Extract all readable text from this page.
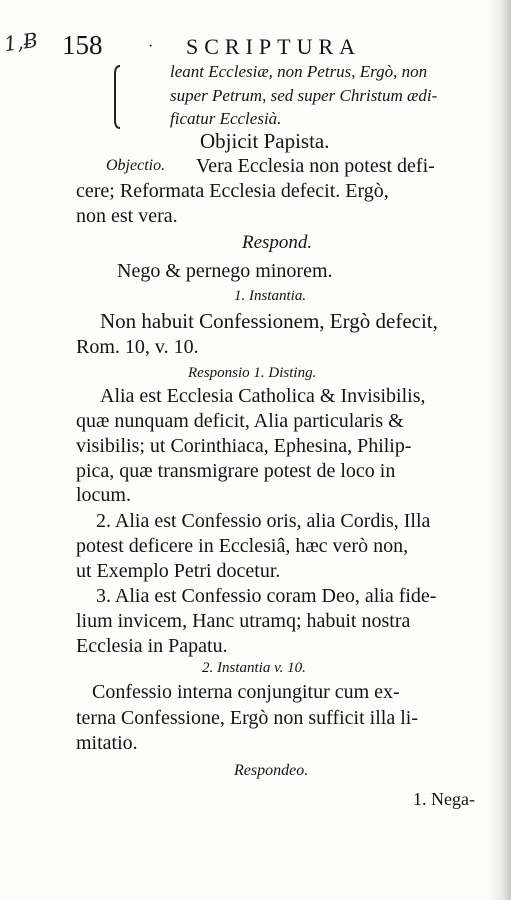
1,Ƀ 158	· SCRIPTURA
leant Ecclesiæ, non Petrus, Ergò, non
super Petrum, sed super Christum ædi-
ficatur Ecclesià.
Objicit Papista.
Objectio. Vera Ecclesia non potest defi-
cere; Reformata Ecclesia defecit. Ergò,
non est vera.
Respond.
Nego & pernego minorem.
1. Instantia.
Non habuit Confessionem, Ergò defecit,
Rom. 10, v. 10.
Responsio 1. Disting.
Alia est Ecclesia Catholica & Invisibilis,
quæ nunquam deficit, Alia particularis &
visibilis; ut Corinthiaca, Ephesina, Philip-
pica, quæ transmigrare potest de loco in
locum.
2. Alia est Confessio oris, alia Cordis, Illa
potest deficere in Ecclesiâ, hæc verò non,
ut Exemplo Petri docetur.
3. Alia est Confessio coram Deo, alia fide-
lium invicem, Hanc utramq; habuit nostra
Ecclesia in Papatu.
2. Instantia v. 10.
Confessio interna conjungitur cum ex-
terna Confessione, Ergò non sufficit illa li-
mitatio.
Respondeo.
1. Nega-
